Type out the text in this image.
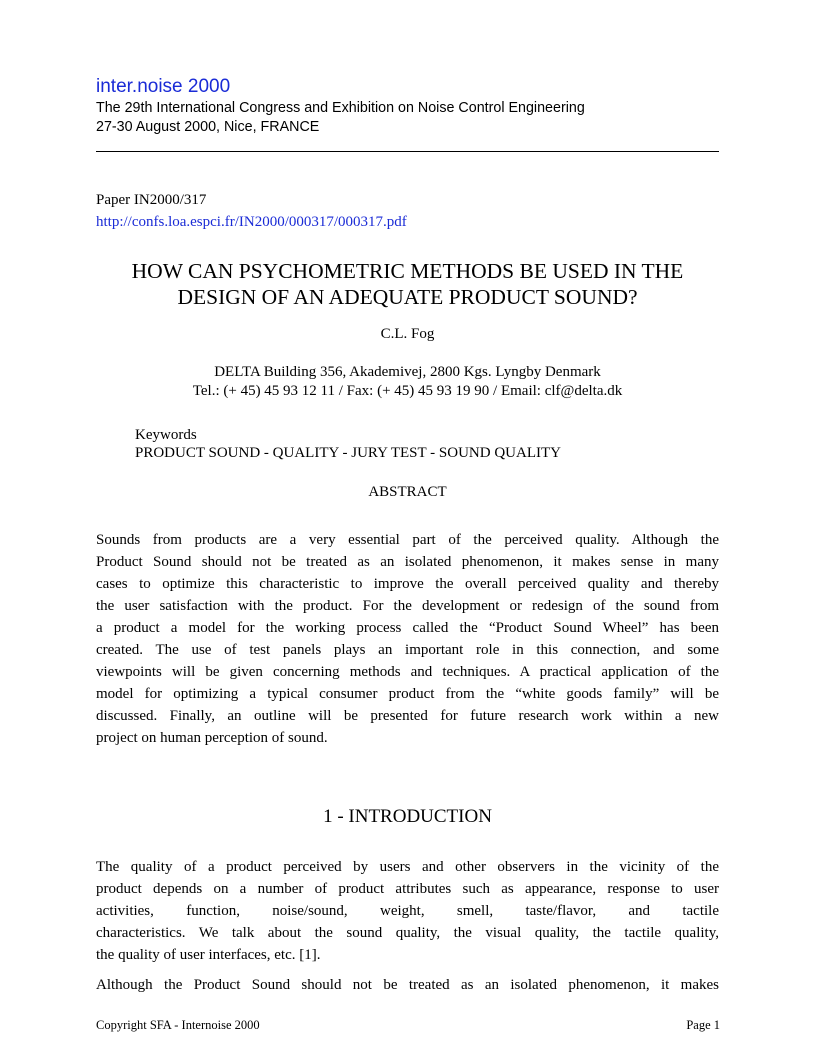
inter.noise 2000
The 29th International Congress and Exhibition on Noise Control Engineering
27-30 August 2000, Nice, FRANCE
Paper IN2000/317
http://confs.loa.espci.fr/IN2000/000317/000317.pdf
HOW CAN PSYCHOMETRIC METHODS BE USED IN THE
DESIGN OF AN ADEQUATE PRODUCT SOUND?
C.L. Fog
DELTA Building 356, Akademivej, 2800 Kgs. Lyngby Denmark
Tel.: (+ 45) 45 93 12 11 / Fax: (+ 45) 45 93 19 90 / Email: clf@delta.dk
Keywords
PRODUCT SOUND - QUALITY - JURY TEST - SOUND QUALITY
ABSTRACT
Sounds from products are a very essential part of the perceived quality. Although the
Product Sound should not be treated as an isolated phenomenon, it makes sense in many
cases to optimize this characteristic to improve the overall perceived quality and thereby
the user satisfaction with the product. For the development or redesign of the sound from
a product a model for the working process called the “Product Sound Wheel” has been
created. The use of test panels plays an important role in this connection, and some
viewpoints will be given concerning methods and techniques. A practical application of the
model for optimizing a typical consumer product from the “white goods family” will be
discussed. Finally, an outline will be presented for future research work within a new
project on human perception of sound.
1 - INTRODUCTION
The quality of a product perceived by users and other observers in the vicinity of the
product depends on a number of product attributes such as appearance, response to user
activities, function, noise/sound, weight, smell, taste/flavor, and tactile
characteristics. We talk about the sound quality, the visual quality, the tactile quality,
the quality of user interfaces, etc. [1].
Although the Product Sound should not be treated as an isolated phenomenon, it makes
Copyright SFA - Internoise 2000	Page 1
